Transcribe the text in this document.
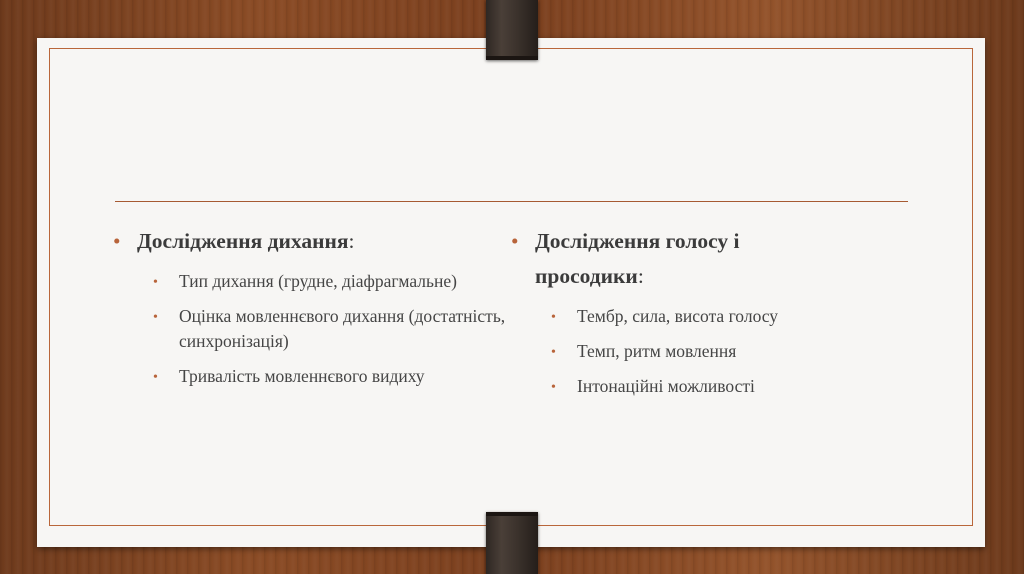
• Дослідження дихання:
• Тип дихання (грудне, діафрагмальне)
• Оцінка мовленнєвого дихання (достатність, синхронізація)
• Тривалість мовленнєвого видиху
• Дослідження голосу і просодики:
• Тембр, сила, висота голосу
• Темп, ритм мовлення
• Інтонаційні можливості
